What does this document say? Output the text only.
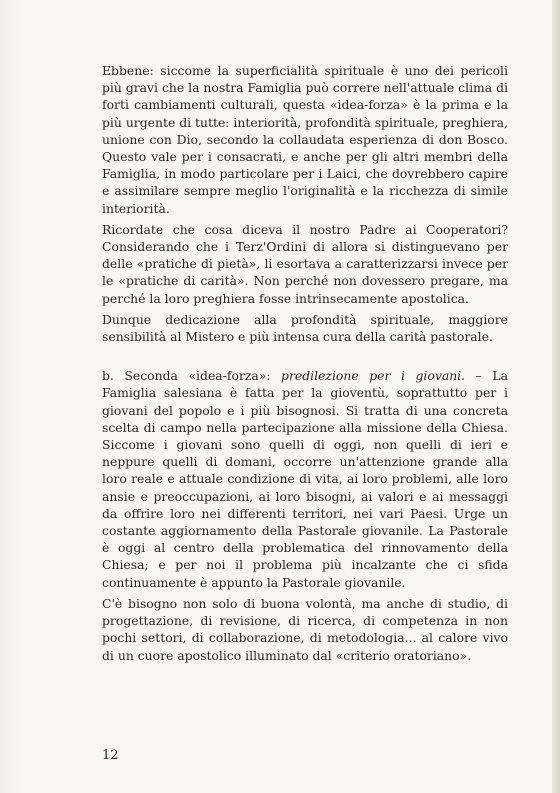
Ebbene: siccome la superficialità spirituale è uno dei pericoli più gravi che la nostra Famiglia può correre nell'attuale clima di forti cambiamenti culturali, questa «idea-forza» è la prima e la più urgente di tutte: interiorità, profondità spirituale, preghiera, unione con Dio, secondo la collaudata esperienza di don Bosco. Questo vale per i consacrati, e anche per gli altri membri della Famiglia, in modo particolare per i Laici, che dovrebbero capire e assimilare sempre meglio l'originalità e la ricchezza di simile interiorità.

Ricordate che cosa diceva il nostro Padre ai Cooperatori? Considerando che i Terz'Ordini di allora si distinguevano per delle «pratiche di pietà», li esortava a caratterizzarsi invece per le «pratiche di carità». Non perché non dovessero pregare, ma perché la loro preghiera fosse intrinsecamente apostolica.

Dunque dedicazione alla profondità spirituale, maggiore sensibilità al Mistero e più intensa cura della carità pastorale.

b. Seconda «idea-forza»: predilezione per i giovani. – La Famiglia salesiana è fatta per la gioventù, soprattutto per i giovani del popolo e i più bisognosi. Si tratta di una concreta scelta di campo nella partecipazione alla missione della Chiesa. Siccome i giovani sono quelli di oggi, non quelli di ieri e neppure quelli di domani, occorre un'attenzione grande alla loro reale e attuale condizione di vita, ai loro problemi, alle loro ansie e preoccupazioni, ai loro bisogni, ai valori e ai messaggi da offrire loro nei differenti territori, nei vari Paesi. Urge un costante aggiornamento della Pastorale giovanile. La Pastorale è oggi al centro della problematica del rinnovamento della Chiesa; e per noi il problema più incalzante che ci sfida continuamente è appunto la Pastorale giovanile.

C'è bisogno non solo di buona volontà, ma anche di studio, di progettazione, di revisione, di ricerca, di competenza in non pochi settori, di collaborazione, di metodologia... al calore vivo di un cuore apostolico illuminato dal «criterio oratoriano».

12
